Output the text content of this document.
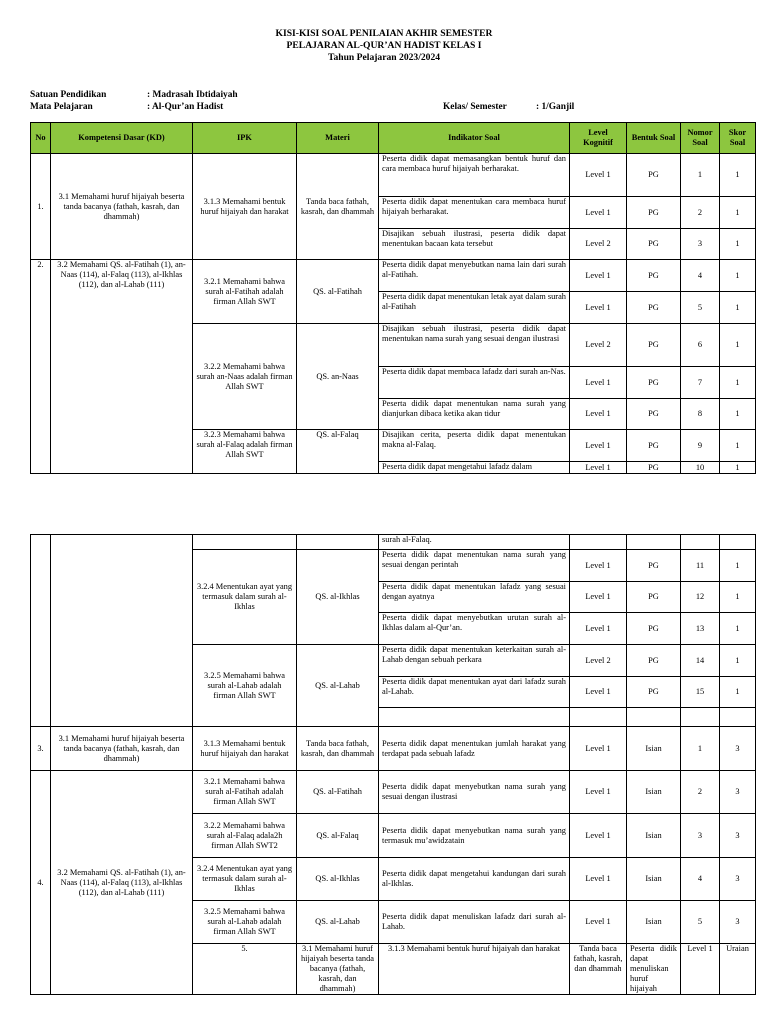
KISI-KISI SOAL PENILAIAN AKHIR SEMESTER
PELAJARAN AL-QUR’AN HADIST KELAS I
Tahun Pelajaran 2023/2024
Satuan Pendidikan	: Madrasah Ibtidaiyah
Mata Pelajaran	: Al-Qur’an Hadist	Kelas/ Semester	: 1/Ganjil
No	Kompetensi Dasar (KD)	IPK	Materi	Indikator Soal	Level Kognitif	Bentuk Soal	Nomor Soal	Skor Soal
1.	3.1 Memahami huruf hijaiyah beserta tanda bacanya (fathah, kasrah, dan dhammah)	3.1.3 Memahami bentuk huruf hijaiyah dan harakat	Tanda baca fathah, kasrah, dan dhammah	Peserta didik dapat memasangkan bentuk huruf dan cara membaca huruf hijaiyah berharakat.	Level 1	PG	1	1
				Peserta didik dapat menentukan cara membaca huruf hijaiyah berharakat.	Level 1	PG	2	1
				Disajikan sebuah ilustrasi, peserta didik dapat menentukan bacaan kata tersebut	Level 2	PG	3	1
2.	3.2 Memahami QS. al-Fatihah (1), an-Naas (114), al-Falaq (113), al-Ikhlas (112), dan al-Lahab (111)	3.2.1 Memahami bahwa surah al-Fatihah adalah firman Allah SWT	QS. al-Fatihah	Peserta didik dapat menyebutkan nama lain dari surah al-Fatihah.	Level 1	PG	4	1
				Peserta didik dapat menentukan letak ayat dalam surah al-Fatihah	Level 1	PG	5	1
		3.2.2 Memahami bahwa surah an-Naas adalah firman Allah SWT	QS. an-Naas	Disajikan sebuah ilustrasi, peserta didik dapat menentukan nama surah yang sesuai dengan ilustrasi	Level 2	PG	6	1
				Peserta didik dapat membaca lafadz dari surah an-Nas.	Level 1	PG	7	1
				Peserta didik dapat menentukan nama surah yang dianjurkan dibaca ketika akan tidur	Level 1	PG	8	1
		3.2.3 Memahami bahwa surah al-Falaq adalah firman Allah SWT	QS. al-Falaq	Disajikan cerita, peserta didik dapat menentukan makna al-Falaq.	Level 1	PG	9	1
				Peserta didik dapat mengetahui lafadz dalam	Level 1	PG	10	1
				surah al-Falaq.					
		3.2.4 Menentukan ayat yang termasuk dalam surah al-Ikhlas	QS. al-Ikhlas	Peserta didik dapat menentukan nama surah yang sesuai dengan perintah	Level 1	PG	11	1	
				Peserta didik dapat menentukan lafadz yang sesuai dengan ayatnya	Level 1	PG	12	1	
				Peserta didik dapat menyebutkan urutan surah al-Ikhlas dalam al-Qur’an.	Level 1	PG	13	1	
		3.2.5 Memahami bahwa surah al-Lahab adalah firman Allah SWT	QS. al-Lahab	Peserta didik dapat menentukan keterkaitan surah al-Lahab dengan sebuah perkara	Level 2	PG	14	1	
				Peserta didik dapat menentukan ayat dari lafadz surah al-Lahab.	Level 1	PG	15	1	

3.	3.1 Memahami huruf hijaiyah beserta tanda bacanya (fathah, kasrah, dan dhammah)	3.1.3 Memahami bentuk huruf hijaiyah dan harakat	Tanda baca fathah, kasrah, dan dhammah	Peserta didik dapat menentukan jumlah harakat yang terdapat pada sebuah lafadz	Level 1	Isian	1	3	
4.	3.2 Memahami QS. al-Fatihah (1), an-Naas (114), al-Falaq (113), al-Ikhlas (112), dan al-Lahab (111)	3.2.1 Memahami bahwa surah al-Fatihah adalah firman Allah SWT	QS. al-Fatihah	Peserta didik dapat menyebutkan nama surah yang sesuai dengan ilustrasi	Level 1	Isian	2	3	
		3.2.2 Memahami bahwa surah al-Falaq adala2h firman Allah SWT2	QS. al-Falaq	Peserta didik dapat menyebutkan nama surah yang termasuk mu’awidzatain	Level 1	Isian	3	3	
		3.2.4 Menentukan ayat yang termasuk dalam surah al-Ikhlas	QS. al-Ikhlas	Peserta didik dapat mengetahui kandungan dari surah al-Ikhlas.	Level 1	Isian	4	3	
		3.2.5 Memahami bahwa surah al-Lahab adalah firman Allah SWT	QS. al-Lahab	Peserta didik dapat menuliskan lafadz dari surah al-Lahab.	Level 1	Isian	5	3	
		5.	3.1 Memahami huruf hijaiyah beserta tanda bacanya (fathah, kasrah, dan dhammah)	3.1.3 Memahami bentuk huruf hijaiyah dan harakat	Tanda baca fathah, kasrah, dan dhammah	Peserta didik dapat menuliskan huruf hijaiyah	Level 1	Uraian		
